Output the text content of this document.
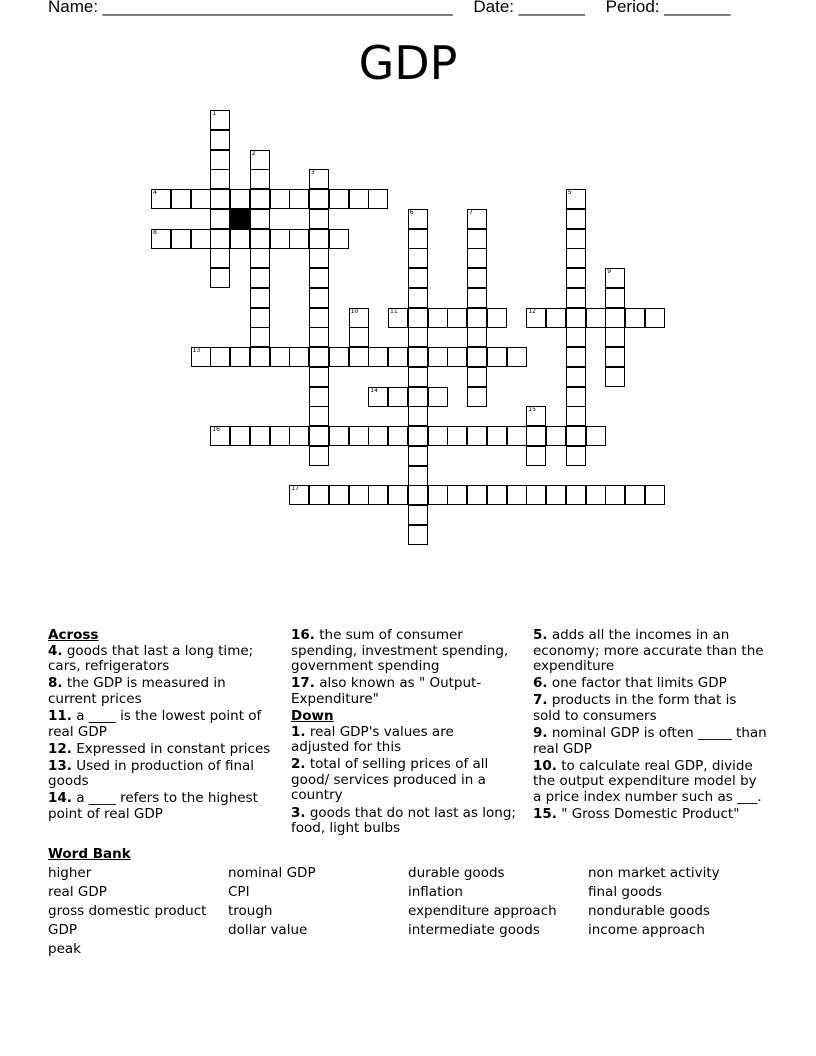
Name: _____________________________________ Date: _______ Period: _______
GDP
1
2
3
4	5
6	7
8
9
10	11	12
13
14
15
16
17
Across
4. goods that last a long time; cars, refrigerators
8. the GDP is measured in current prices
11. a ____ is the lowest point of real GDP
12. Expressed in constant prices
13. Used in production of final goods
14. a ____ refers to the highest point of real GDP
16. the sum of consumer spending, investment spending, government spending
17. also known as " Output-Expenditure"
Down
1. real GDP's values are adjusted for this
2. total of selling prices of all good/ services produced in a country
3. goods that do not last as long; food, light bulbs
5. adds all the incomes in an economy; more accurate than the expenditure
6. one factor that limits GDP
7. products in the form that is sold to consumers
9. nominal GDP is often _____ than real GDP
10. to calculate real GDP, divide the output expenditure model by a price index number such as ___.
15. " Gross Domestic Product"
Word Bank
higher
real GDP
gross domestic product
GDP
peak
nominal GDP
CPI
trough
dollar value
durable goods
inflation
expenditure approach
intermediate goods
non market activity
final goods
nondurable goods
income approach
